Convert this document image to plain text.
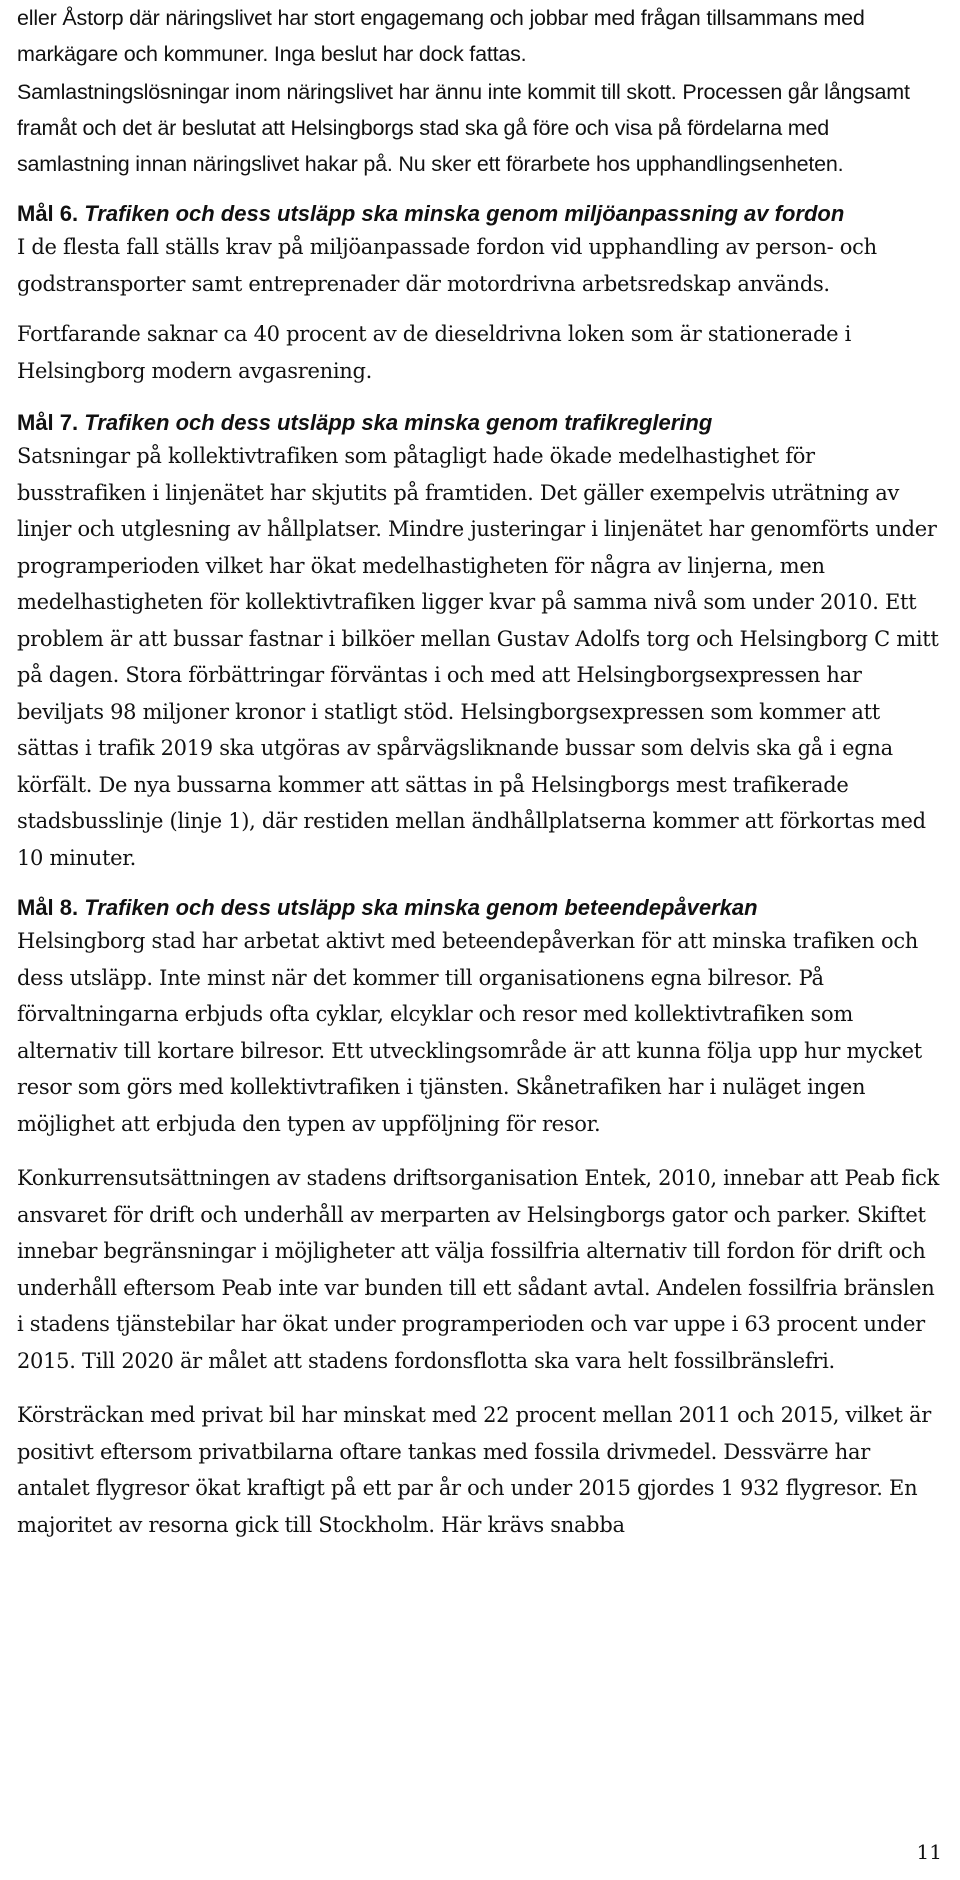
eller Åstorp där näringslivet har stort engagemang och jobbar med frågan tillsammans med markägare och kommuner. Inga beslut har dock fattas.

Samlastningslösningar inom näringslivet har ännu inte kommit till skott. Processen går långsamt framåt och det är beslutat att Helsingborgs stad ska gå före och visa på fördelarna med samlastning innan näringslivet hakar på. Nu sker ett förarbete hos upphandlingsenheten.

Mål 6. Trafiken och dess utsläpp ska minska genom miljöanpassning av fordon

I de flesta fall ställs krav på miljöanpassade fordon vid upphandling av person- och godstransporter samt entreprenader där motordrivna arbetsredskap används.

Fortfarande saknar ca 40 procent av de dieseldrivna loken som är stationerade i Helsingborg modern avgasrening.

Mål 7. Trafiken och dess utsläpp ska minska genom trafikreglering

Satsningar på kollektivtrafiken som påtagligt hade ökade medelhastighet för busstrafiken i linjenätet har skjutits på framtiden. Det gäller exempelvis uträtning av linjer och utglesning av hållplatser. Mindre justeringar i linjenätet har genomförts under programperioden vilket har ökat medelhastigheten för några av linjerna, men medelhastigheten för kollektivtrafiken ligger kvar på samma nivå som under 2010. Ett problem är att bussar fastnar i bilköer mellan Gustav Adolfs torg och Helsingborg C mitt på dagen. Stora förbättringar förväntas i och med att Helsingborgsexpressen har beviljats 98 miljoner kronor i statligt stöd. Helsingborgsexpressen som kommer att sättas i trafik 2019 ska utgöras av spårvägsliknande bussar som delvis ska gå i egna körfält. De nya bussarna kommer att sättas in på Helsingborgs mest trafikerade stadsbusslinje (linje 1), där restiden mellan ändhållplatserna kommer att förkortas med 10 minuter.

Mål 8. Trafiken och dess utsläpp ska minska genom beteendepåverkan

Helsingborg stad har arbetat aktivt med beteendepåverkan för att minska trafiken och dess utsläpp. Inte minst när det kommer till organisationens egna bilresor. På förvaltningarna erbjuds ofta cyklar, elcyklar och resor med kollektivtrafiken som alternativ till kortare bilresor. Ett utvecklingsområde är att kunna följa upp hur mycket resor som görs med kollektivtrafiken i tjänsten. Skånetrafiken har i nuläget ingen möjlighet att erbjuda den typen av uppföljning för resor.

Konkurrensutsättningen av stadens driftsorganisation Entek, 2010, innebar att Peab fick ansvaret för drift och underhåll av merparten av Helsingborgs gator och parker. Skiftet innebar begränsningar i möjligheter att välja fossilfria alternativ till fordon för drift och underhåll eftersom Peab inte var bunden till ett sådant avtal. Andelen fossilfria bränslen i stadens tjänstebilar har ökat under programperioden och var uppe i 63 procent under 2015. Till 2020 är målet att stadens fordonsflotta ska vara helt fossilbränslefri.

Körsträckan med privat bil har minskat med 22 procent mellan 2011 och 2015, vilket är positivt eftersom privatbilarna oftare tankas med fossila drivmedel. Dessvärre har antalet flygresor ökat kraftigt på ett par år och under 2015 gjordes 1 932 flygresor. En majoritet av resorna gick till Stockholm. Här krävs snabba

11
